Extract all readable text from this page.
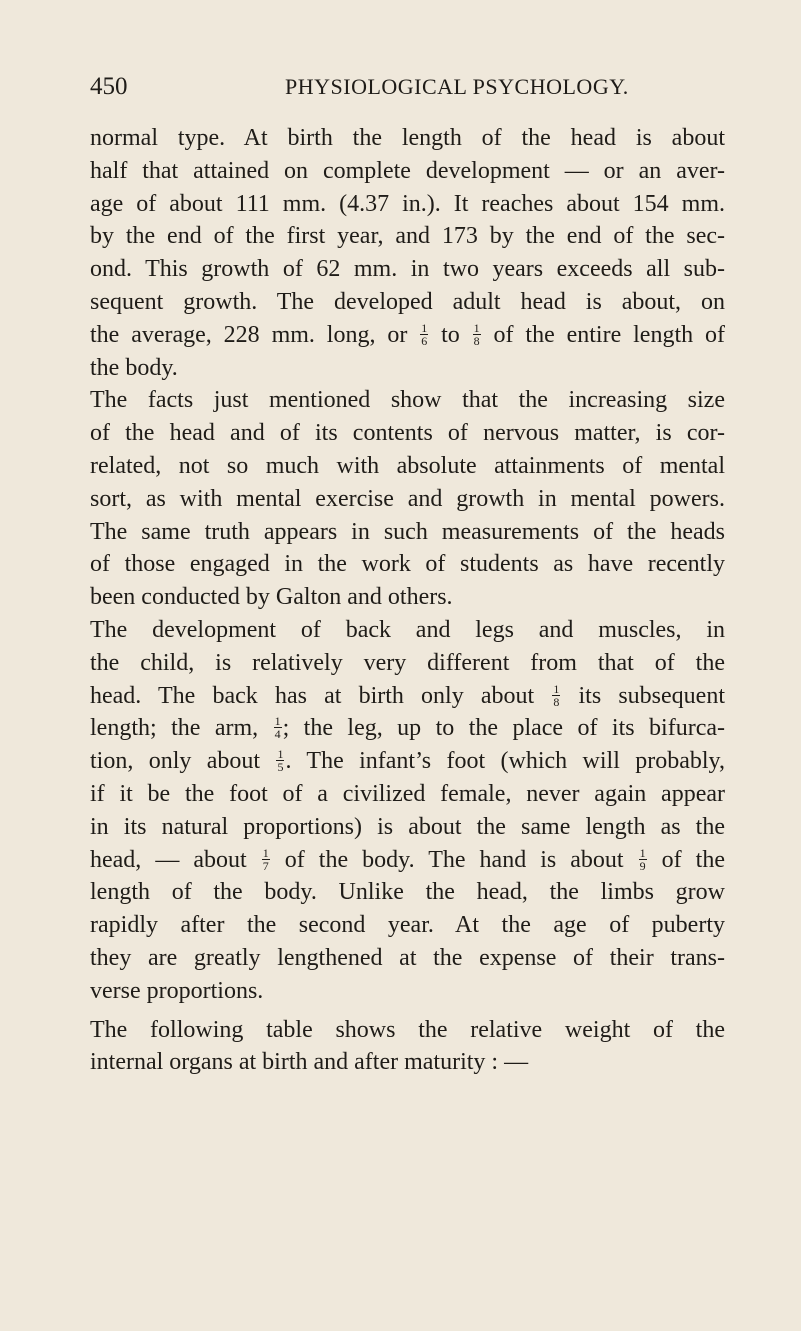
450	PHYSIOLOGICAL PSYCHOLOGY.
normal type. At birth the length of the head is about
half that attained on complete development — or an aver-
age of about 111 mm. (4.37 in.). It reaches about 154 mm.
by the end of the first year, and 173 by the end of the sec-
ond. This growth of 62 mm. in two years exceeds all sub-
sequent growth. The developed adult head is about, on
the average, 228 mm. long, or $\frac{1}{6}$ to $\frac{1}{8}$ of the entire length of
the body.
The facts just mentioned show that the increasing size
of the head and of its contents of nervous matter, is cor-
related, not so much with absolute attainments of mental
sort, as with mental exercise and growth in mental powers.
The same truth appears in such measurements of the heads
of those engaged in the work of students as have recently
been conducted by Galton and others.
The development of back and legs and muscles, in
the child, is relatively very different from that of the
head. The back has at birth only about $\frac{1}{8}$ its subsequent
length; the arm, $\frac{1}{4}$ ; the leg, up to the place of its bifurca-
tion, only about $\frac{1}{5}$ . The infant’s foot (which will probably,
if it be the foot of a civilized female, never again appear
in its natural proportions) is about the same length as the
head, — about $\frac{1}{7}$ of the body. The hand is about $\frac{1}{9}$ of the
length of the body. Unlike the head, the limbs grow
rapidly after the second year. At the age of puberty
they are greatly lengthened at the expense of their trans-
verse proportions.
The following table shows the relative weight of the
internal organs at birth and after maturity : —
